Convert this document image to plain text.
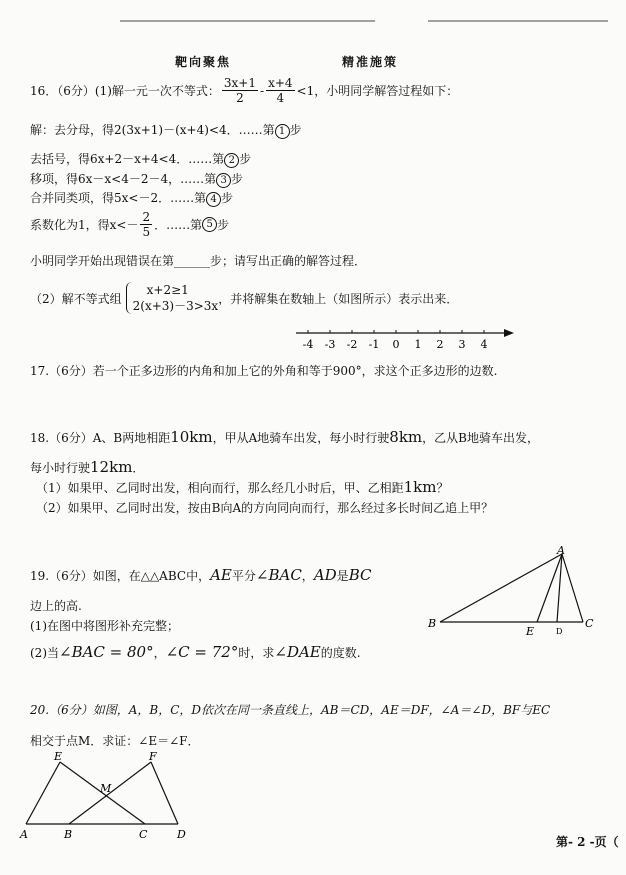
靶向聚焦	精准施策
16．（6分）(1)解一元一次不等式： $\frac{3x+1}{2} - \frac{x+4}{4} <1$，小明同学解答过程如下：
解：去分母，得2(3x+1)－(x+4)<4．……第 1 步
去括号，得6x+2－x+4<4．……第 2 步
移项，得6x－x<4－2－4，……第 3 步
合并同类项，得5x<－2．……第 4 步
系数化为1，得$x<- \frac{2}{5}$ ．……第 5 步
小明同学开始出现错误在第______步；请写出正确的解答过程．
（2）解不等式组
x+2≥1
2(x+3)－3>3x
，并将解集在数轴上（如图所示）表示出来．
-4 -3 -2 -1 0 1 2 3 4
17.（6分）若一个正多边形的内角和加上它的外角和等于900°，求这个正多边形的边数.
18.（6分）A、B两地相距10km，甲从A地骑车出发，每小时行驶8km，乙从B地骑车出发，
每小时行驶12km．
（1）如果甲、乙同时出发，相向而行，那么经几小时后，甲、乙相距1km？
（2）如果甲、乙同时出发，按由B向A的方向同向而行，那么经过多长时间乙追上甲？
19.（6分）如图，在△△ABC中，AE平分∠BAC，AD是BC
边上的高.
(1)在图中将图形补充完整；
(2)当∠BAC = 80°，∠C = 72°时，求∠DAE的度数.
A
B	C
E	D
20.（6分）如图，A，B，C，D依次在同一条直线上，AB＝CD，AE＝DF，∠A＝∠D，BF与EC
相交于点M．求证：∠E＝∠F．
E	F
M
A	B	C	D
第- 2 -页（
